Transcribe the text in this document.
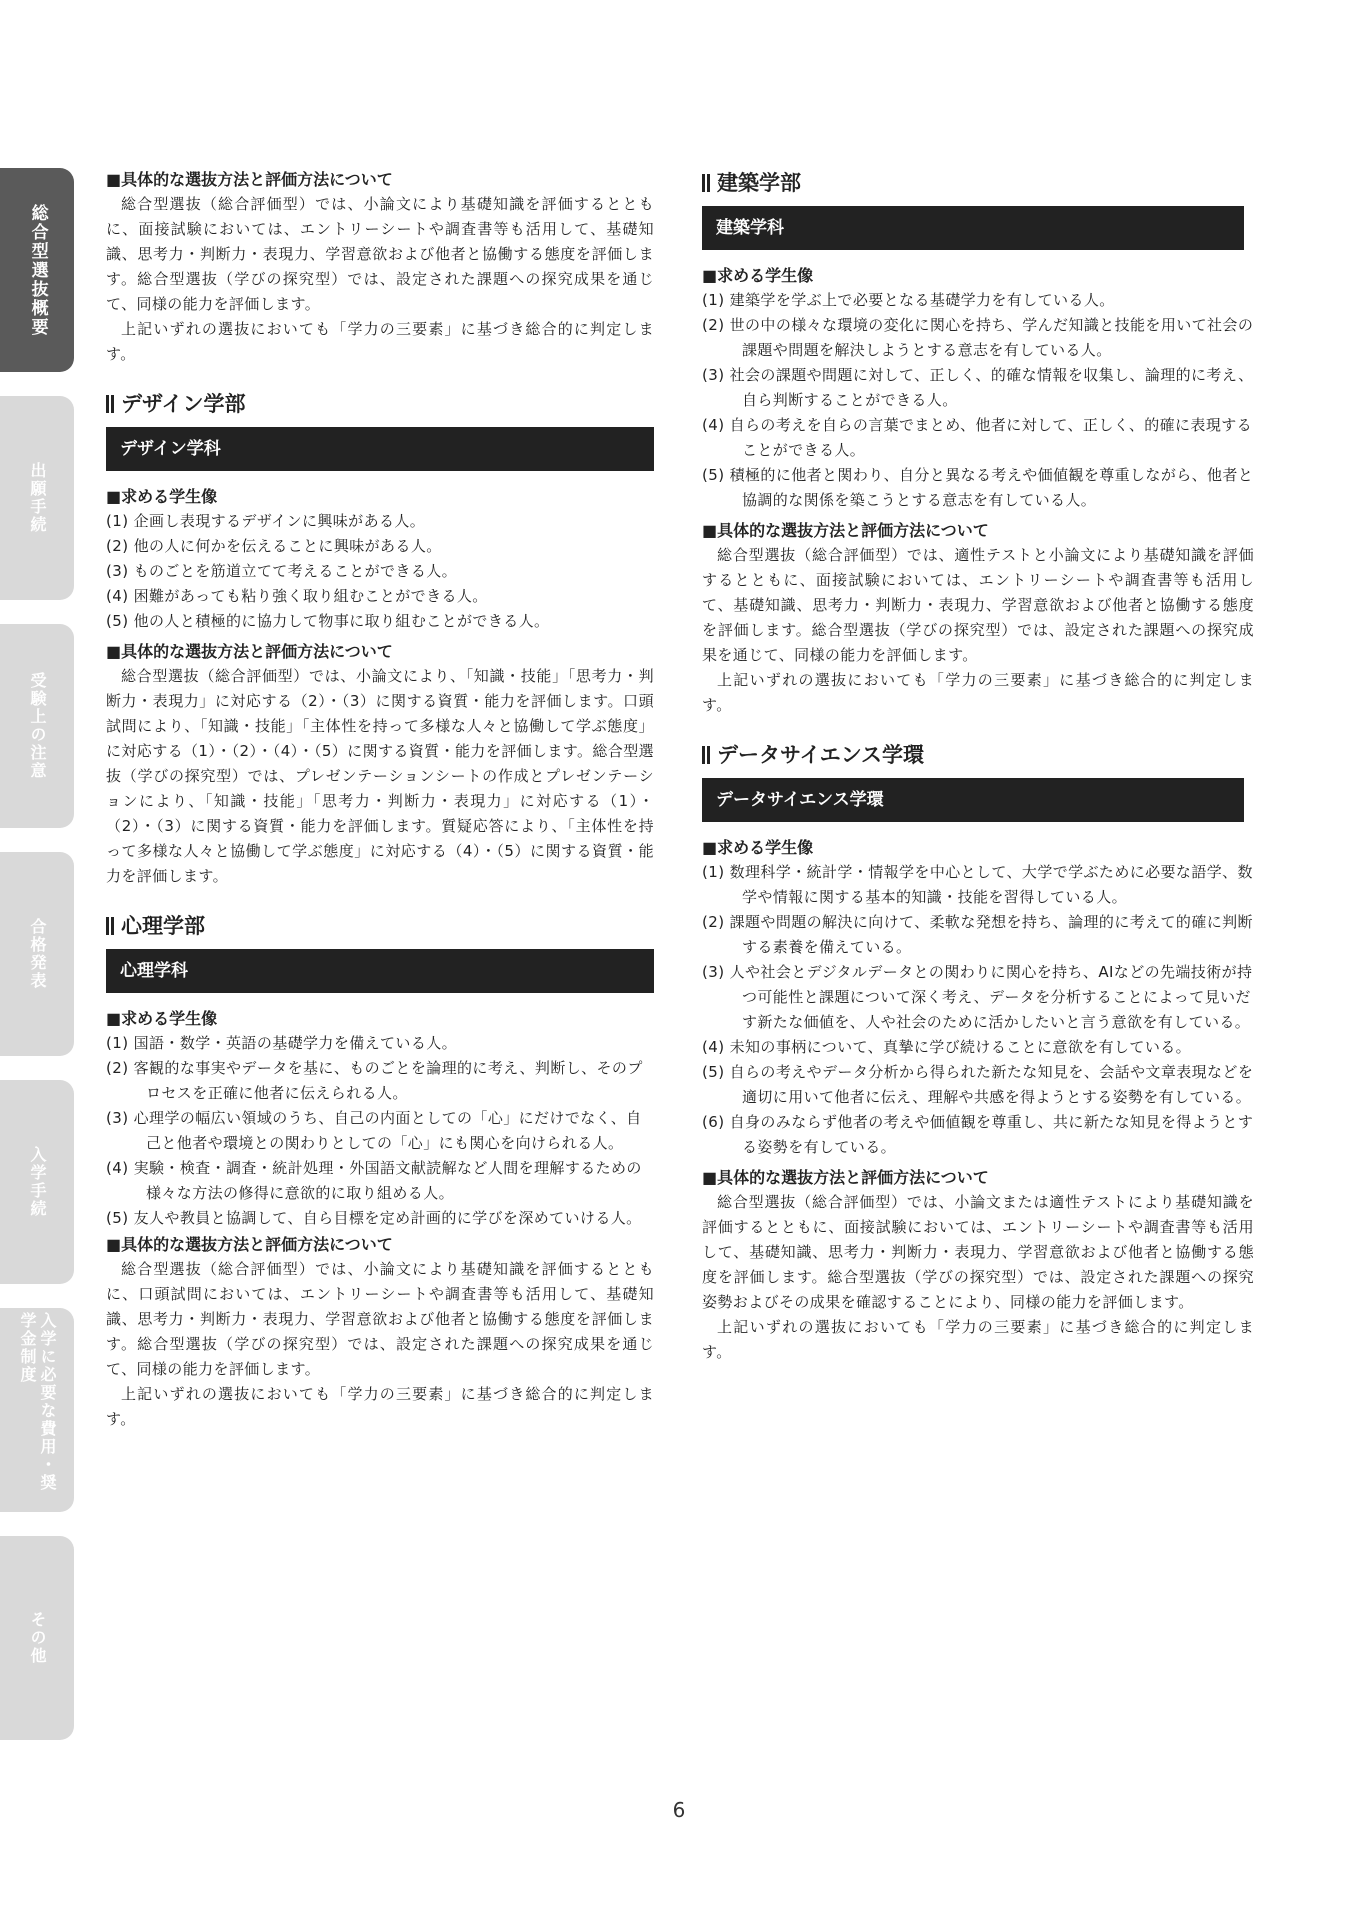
総合型選抜概要
出願手続
受験上の注意
合格発表
入学手続
入学に必要な費用・奨学金制度
その他

■具体的な選抜方法と評価方法について

総合型選抜（総合評価型）では、小論文により基礎知識を評価するとともに、面接試験においては、エントリーシートや調査書等も活用して、基礎知識、思考力・判断力・表現力、学習意欲および他者と協働する態度を評価します。総合型選抜（学びの探究型）では、設定された課題への探究成果を通じて、同様の能力を評価します。

上記いずれの選抜においても「学力の三要素」に基づき総合的に判定します。

デザイン学部
デザイン学科

■求める学生像

(1) 企画し表現するデザインに興味がある人。
(2) 他の人に何かを伝えることに興味がある人。
(3) ものごとを筋道立てて考えることができる人。
(4) 困難があっても粘り強く取り組むことができる人。
(5) 他の人と積極的に協力して物事に取り組むことができる人。

■具体的な選抜方法と評価方法について

総合型選抜（総合評価型）では、小論文により、「知識・技能」「思考力・判断力・表現力」に対応する（2）・（3）に関する資質・能力を評価します。口頭試問により、「知識・技能」「主体性を持って多様な人々と協働して学ぶ態度」に対応する（1）・（2）・（4）・（5）に関する資質・能力を評価します。総合型選抜（学びの探究型）では、プレゼンテーションシートの作成とプレゼンテーションにより、「知識・技能」「思考力・判断力・表現力」に対応する（1）・（2）・（3）に関する資質・能力を評価します。質疑応答により、「主体性を持って多様な人々と協働して学ぶ態度」に対応する（4）・（5）に関する資質・能力を評価します。

心理学部
心理学科

■求める学生像

(1) 国語・数学・英語の基礎学力を備えている人。
(2) 客観的な事実やデータを基に、ものごとを論理的に考え、判断し、そのプロセスを正確に他者に伝えられる人。
(3) 心理学の幅広い領域のうち、自己の内面としての「心」にだけでなく、自己と他者や環境との関わりとしての「心」にも関心を向けられる人。
(4) 実験・検査・調査・統計処理・外国語文献読解など人間を理解するための様々な方法の修得に意欲的に取り組める人。
(5) 友人や教員と協調して、自ら目標を定め計画的に学びを深めていける人。

■具体的な選抜方法と評価方法について

総合型選抜（総合評価型）では、小論文により基礎知識を評価するとともに、口頭試問においては、エントリーシートや調査書等も活用して、基礎知識、思考力・判断力・表現力、学習意欲および他者と協働する態度を評価します。総合型選抜（学びの探究型）では、設定された課題への探究成果を通じて、同様の能力を評価します。

上記いずれの選抜においても「学力の三要素」に基づき総合的に判定します。

建築学部
建築学科

■求める学生像

(1) 建築学を学ぶ上で必要となる基礎学力を有している人。
(2) 世の中の様々な環境の変化に関心を持ち、学んだ知識と技能を用いて社会の課題や問題を解決しようとする意志を有している人。
(3) 社会の課題や問題に対して、正しく、的確な情報を収集し、論理的に考え、自ら判断することができる人。
(4) 自らの考えを自らの言葉でまとめ、他者に対して、正しく、的確に表現することができる人。
(5) 積極的に他者と関わり、自分と異なる考えや価値観を尊重しながら、他者と協調的な関係を築こうとする意志を有している人。

■具体的な選抜方法と評価方法について

総合型選抜（総合評価型）では、適性テストと小論文により基礎知識を評価するとともに、面接試験においては、エントリーシートや調査書等も活用して、基礎知識、思考力・判断力・表現力、学習意欲および他者と協働する態度を評価します。総合型選抜（学びの探究型）では、設定された課題への探究成果を通じて、同様の能力を評価します。

上記いずれの選抜においても「学力の三要素」に基づき総合的に判定します。

データサイエンス学環
データサイエンス学環

■求める学生像

(1) 数理科学・統計学・情報学を中心として、大学で学ぶために必要な語学、数学や情報に関する基本的知識・技能を習得している人。
(2) 課題や問題の解決に向けて、柔軟な発想を持ち、論理的に考えて的確に判断する素養を備えている。
(3) 人や社会とデジタルデータとの関わりに関心を持ち、AIなどの先端技術が持つ可能性と課題について深く考え、データを分析することによって見いだす新たな価値を、人や社会のために活かしたいと言う意欲を有している。
(4) 未知の事柄について、真摯に学び続けることに意欲を有している。
(5) 自らの考えやデータ分析から得られた新たな知見を、会話や文章表現などを適切に用いて他者に伝え、理解や共感を得ようとする姿勢を有している。
(6) 自身のみならず他者の考えや価値観を尊重し、共に新たな知見を得ようとする姿勢を有している。

■具体的な選抜方法と評価方法について

総合型選抜（総合評価型）では、小論文または適性テストにより基礎知識を評価するとともに、面接試験においては、エントリーシートや調査書等も活用して、基礎知識、思考力・判断力・表現力、学習意欲および他者と協働する態度を評価します。総合型選抜（学びの探究型）では、設定された課題への探究姿勢およびその成果を確認することにより、同様の能力を評価します。

上記いずれの選抜においても「学力の三要素」に基づき総合的に判定します。

6
